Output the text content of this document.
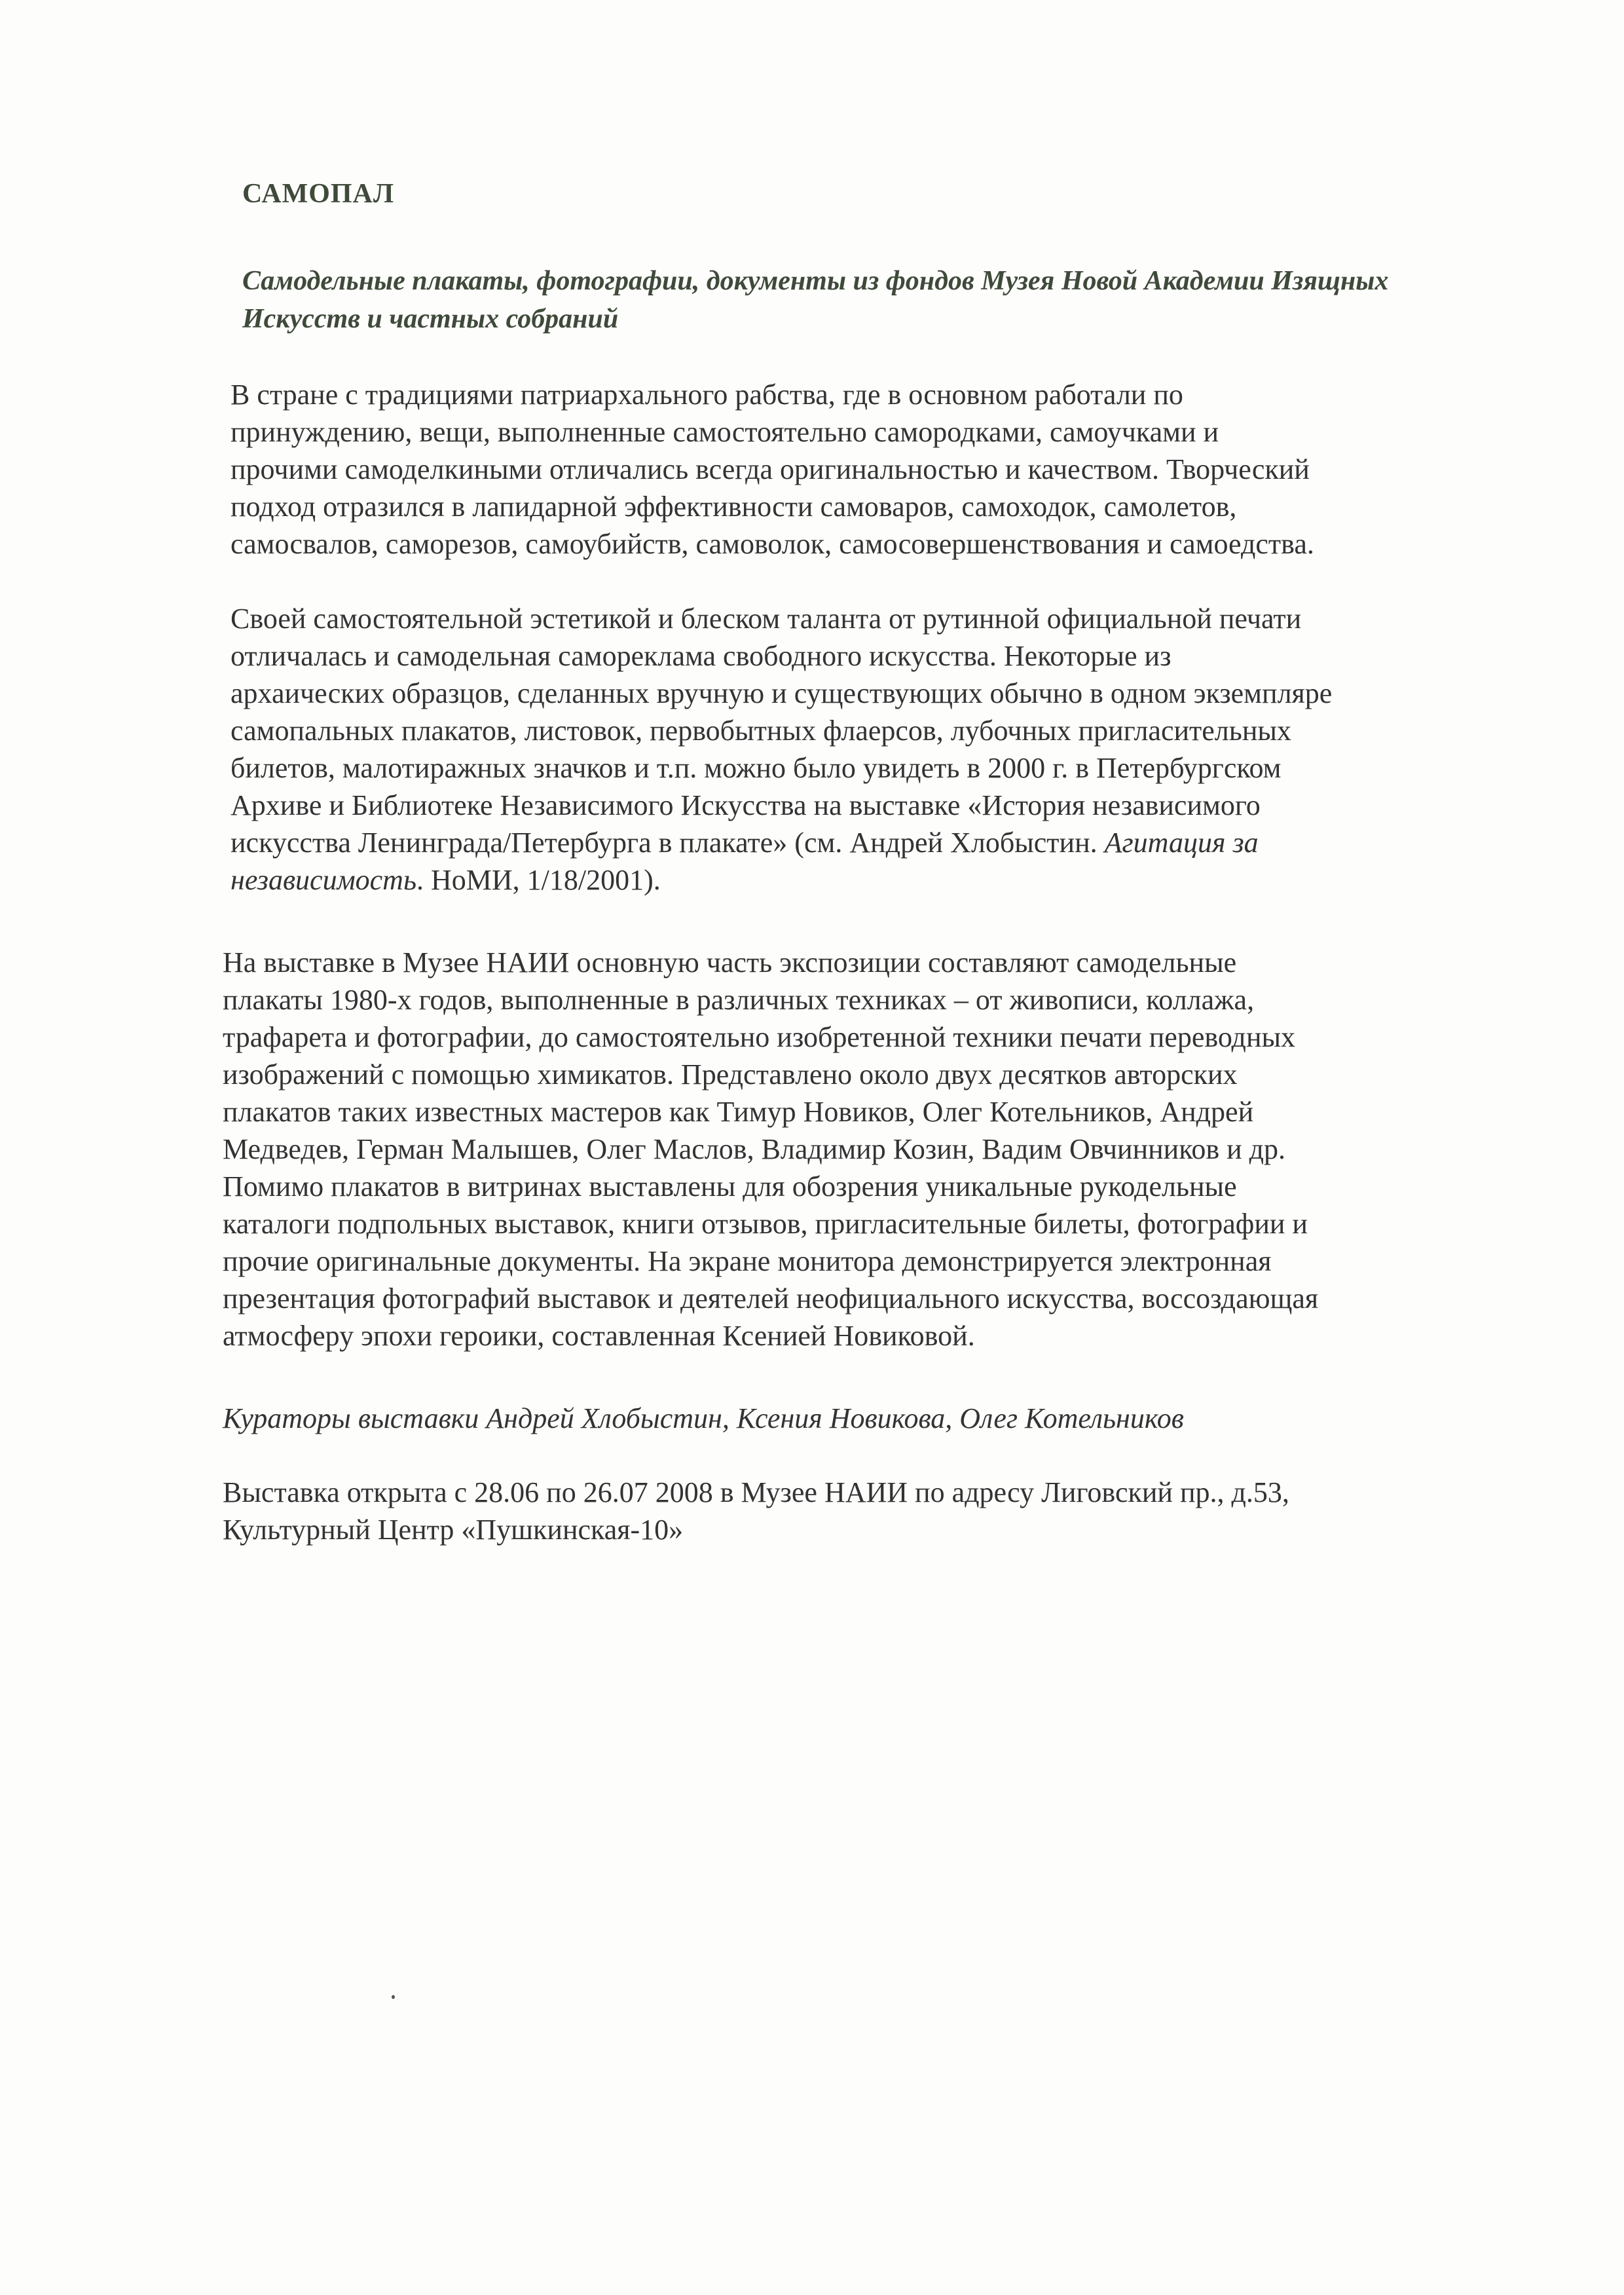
САМОПАЛ

Самодельные плакаты, фотографии, документы из фондов Музея Новой Академии Изящных Искусств и частных собраний

В стране с традициями патриархального рабства, где в основном работали по
принуждению, вещи, выполненные самостоятельно самородками, самоучками и
прочими самоделкиными отличались всегда оригинальностью и качеством. Творческий
подход отразился в лапидарной эффективности самоваров, самоходок, самолетов,
самосвалов, саморезов, самоубийств, самоволок, самосовершенствования и самоедства.

Своей самостоятельной эстетикой и блеском таланта от рутинной официальной печати
отличалась и самодельная самореклама свободного искусства. Некоторые из
архаических образцов, сделанных вручную и существующих обычно в одном экземпляре
самопальных плакатов, листовок, первобытных флаерсов, лубочных пригласительных
билетов, малотиражных значков и т.п. можно было увидеть в 2000 г. в Петербургском
Архиве и Библиотеке Независимого Искусства на выставке «История независимого
искусства Ленинграда/Петербурга в плакате» (см. Андрей Хлобыстин. Агитация за
независимость. НоМИ, 1/18/2001).

На выставке в Музее НАИИ основную часть экспозиции составляют самодельные
плакаты 1980-х годов, выполненные в различных техниках – от живописи, коллажа,
трафарета и фотографии, до самостоятельно изобретенной техники печати переводных
изображений с помощью химикатов. Представлено около двух десятков авторских
плакатов таких известных мастеров как Тимур Новиков, Олег Котельников, Андрей
Медведев, Герман Малышев, Олег Маслов, Владимир Козин, Вадим Овчинников и др.
Помимо плакатов в витринах выставлены для обозрения уникальные рукодельные
каталоги подпольных выставок, книги отзывов, пригласительные билеты, фотографии и
прочие оригинальные документы. На экране монитора демонстрируется электронная
презентация фотографий выставок и деятелей неофициального искусства, воссоздающая
атмосферу эпохи героики, составленная Ксенией Новиковой.

Кураторы выставки Андрей Хлобыстин, Ксения Новикова, Олег Котельников

Выставка открыта с 28.06 по 26.07 2008 в Музее НАИИ по адресу Лиговский пр., д.53,
Культурный Центр «Пушкинская-10»
